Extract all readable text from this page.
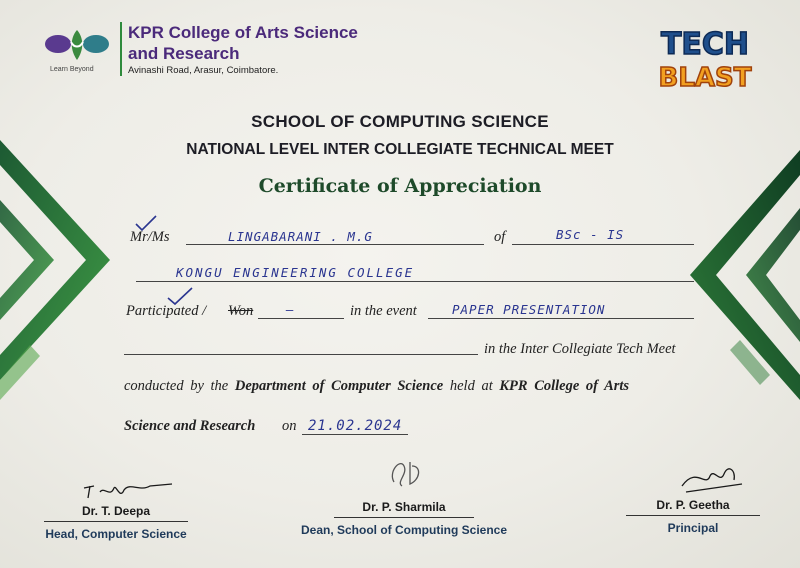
Learn Beyond
KPR College of Arts Science and Research
Avinashi Road, Arasur, Coimbatore.
TECH
BLAST
SCHOOL OF COMPUTING SCIENCE
NATIONAL LEVEL INTER COLLEGIATE TECHNICAL MEET
Certificate of Appreciation
Mr/Ms	LINGABARANI . M.G	of	BSc - IS
KONGU ENGINEERING COLLEGE
Participated / Won	—	in the event	PAPER PRESENTATION
in the Inter Collegiate Tech Meet
conducted by the Department of Computer Science held at KPR College of Arts
Science and Research on 21.02.2024
Dr. T. Deepa
Head, Computer Science
Dr. P. Sharmila
Dean, School of Computing Science
Dr. P. Geetha
Principal
